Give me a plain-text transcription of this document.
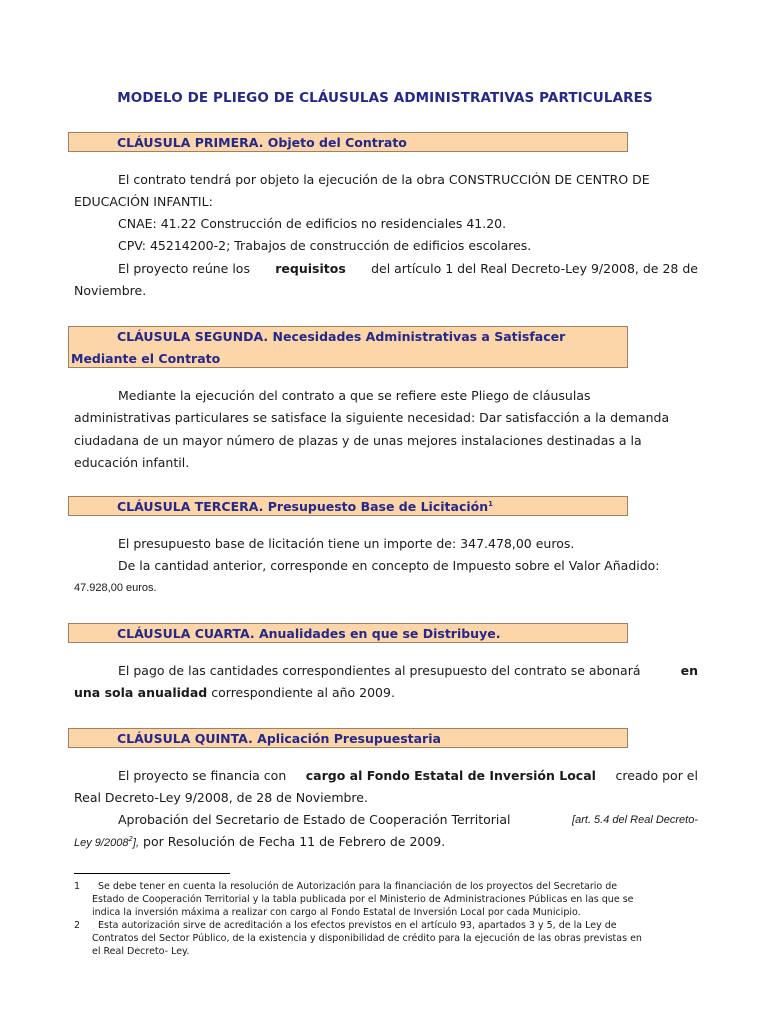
MODELO DE PLIEGO DE CLÁUSULAS ADMINISTRATIVAS PARTICULARES
CLÁUSULA PRIMERA. Objeto del Contrato
El contrato tendrá por objeto la ejecución de la obra CONSTRUCCIÓN DE CENTRO DE
EDUCACIÓN INFANTIL:
CNAE: 41.22 Construcción de edificios no residenciales 41.20.
CPV: 45214200-2; Trabajos de construcción de edificios escolares.
El proyecto reúne los requisitos del artículo 1 del Real Decreto-Ley 9/2008, de 28 de
Noviembre.
CLÁUSULA SEGUNDA. Necesidades Administrativas a Satisfacer
Mediante el Contrato
Mediante la ejecución del contrato a que se refiere este Pliego de cláusulas
administrativas particulares se satisface la siguiente necesidad: Dar satisfacción a la demanda
ciudadana de un mayor número de plazas y de unas mejores instalaciones destinadas a la
educación infantil.
CLÁUSULA TERCERA. Presupuesto Base de Licitación$^1$
El presupuesto base de licitación tiene un importe de: 347.478,00 euros.
De la cantidad anterior, corresponde en concepto de Impuesto sobre el Valor Añadido:
47.928,00 euros.
CLÁUSULA CUARTA. Anualidades en que se Distribuye.
El pago de las cantidades correspondientes al presupuesto del contrato se abonará	en
una sola anualidad correspondiente al año 2009.
CLÁUSULA QUINTA. Aplicación Presupuestaria
El proyecto se financia con cargo al Fondo Estatal de Inversión Local creado por el
Real Decreto-Ley 9/2008, de 28 de Noviembre.
Aprobación del Secretario de Estado de Cooperación Territorial	[art. 5.4 del Real Decreto-
Ley 9/2008$^2$], por Resolución de Fecha 11 de Febrero de 2009.
1 Se debe tener en cuenta la resolución de Autorización para la financiación de los proyectos del Secretario de
Estado de Cooperación Territorial y la tabla publicada por el Ministerio de Administraciones Públicas en las que se
indica la inversión máxima a realizar con cargo al Fondo Estatal de Inversión Local por cada Municipio.
2 Esta autorización sirve de acreditación a los efectos previstos en el artículo 93, apartados 3 y 5, de la Ley de
Contratos del Sector Público, de la existencia y disponibilidad de crédito para la ejecución de las obras previstas en
el Real Decreto- Ley.
